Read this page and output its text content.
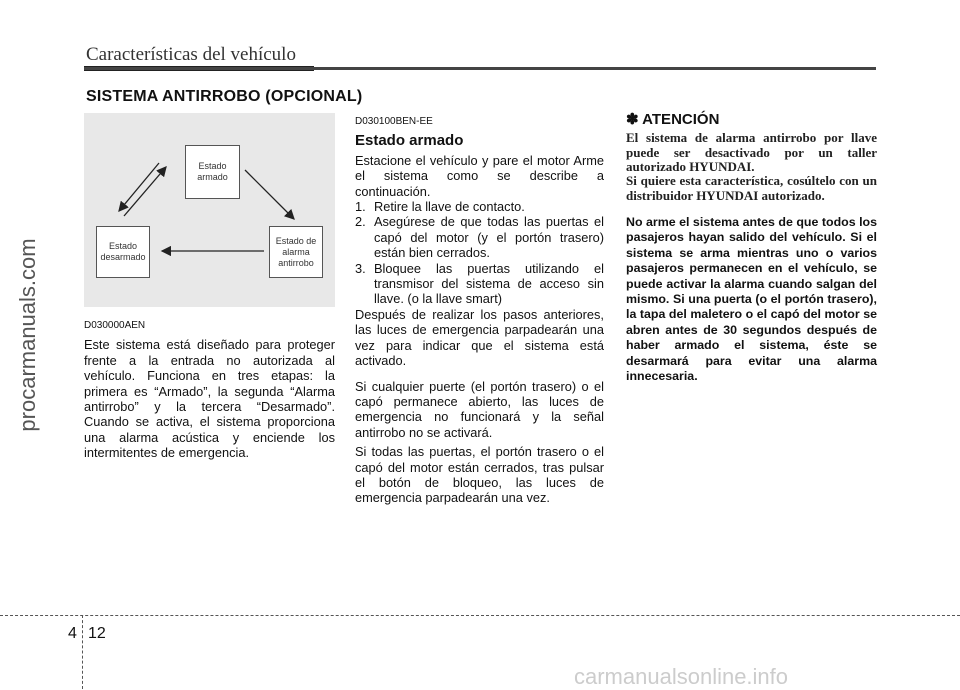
Características del vehículo
SISTEMA ANTIRROBO (OPCIONAL)
procarmanuals.com
Estado
armado
Estado
desarmado
Estado de
alarma
antirrobo
D030000AEN

Este sistema está diseñado para proteger frente a la entrada no autorizada al vehículo. Funciona en tres etapas: la primera es “Armado”, la segunda “Alarma antirrobo” y la tercera “Desarmado”. Cuando se activa, el sistema proporciona una alarma acústica y enciende los intermitentes de emergencia.

D030100BEN-EE
Estado armado

Estacione el vehículo y pare el motor Arme el sistema como se describe a continuación.

1. Retire la llave de contacto.
2. Asegúrese de que todas las puertas el capó del motor (y el portón trasero) están bien cerrados.
3. Bloquee las puertas utilizando el transmisor del sistema de acceso sin llave. (o la llave smart)

Después de realizar los pasos anteriores, las luces de emergencia parpadearán una vez para indicar que el sistema está activado.

Si cualquier puerte (el portón trasero) o el capó permanece abierto, las luces de emergencia no funcionará y la señal antirrobo no se activará.

Si todas las puertas, el portón trasero o el capó del motor están cerrados, tras pulsar el botón de bloqueo, las luces de emergencia parpadearán una vez.

✽ ATENCIÓN

El sistema de alarma antirrobo por llave puede ser desactivado por un taller autorizado HYUNDAI.

Si quiere esta característica, cosúltelo con un distribuidor HYUNDAI autorizado.

No arme el sistema antes de que todos los pasajeros hayan salido del vehículo. Si el sistema se arma mientras uno o varios pasajeros permanecen en el vehículo, se puede activar la alarma cuando salgan del mismo. Si una puerta (o el portón trasero), la tapa del maletero o el capó del motor se abren antes de 30 segundos después de haber armado el sistema, éste se desarmará para evitar una alarma innecesaria.

4 12
carmanualsonline.info
